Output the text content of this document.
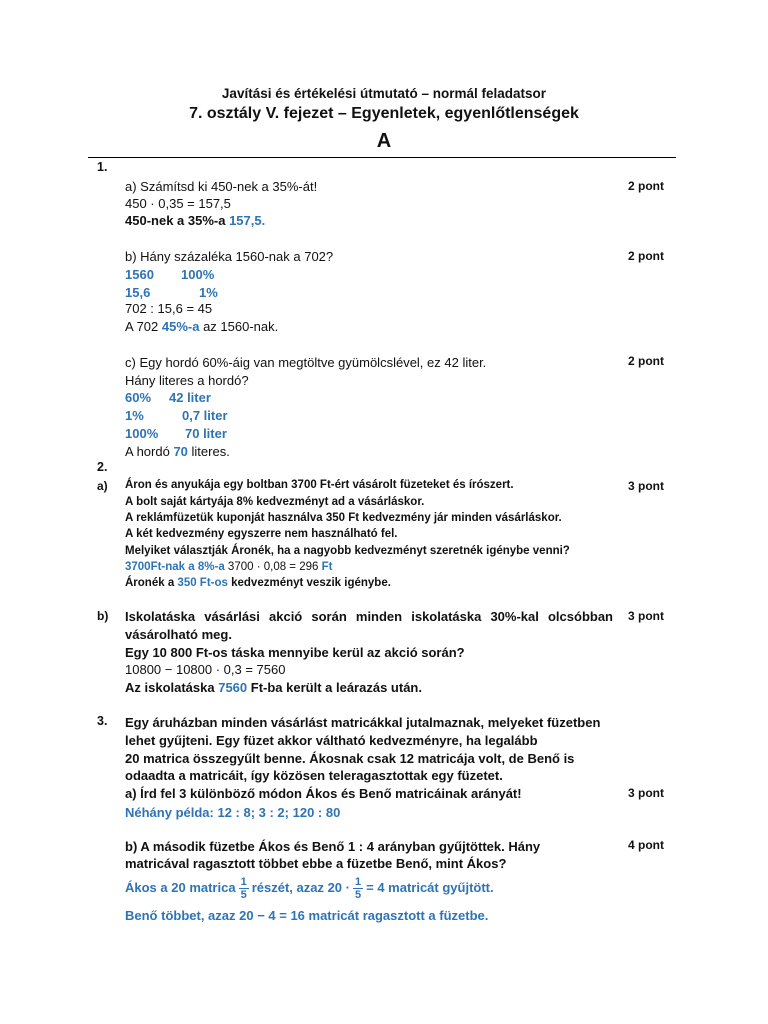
Javítási és értékelési útmutató – normál feladatsor
7. osztály V. fejezet – Egyenletek, egyenlőtlenségek
A
1.
a) Számítsd ki 450-nek a 35%-át!	2 pont
450 · 0,35 = 157,5
450-nek a 35%-a 157,5.
b) Hány százaléka 1560-nak a 702?	2 pont
1560 100%
15,6	1%
702 : 15,6 = 45
A 702 45%-a az 1560-nak.
c) Egy hordó 60%-áig van megtöltve gyümölcslével, ez 42 liter.	2 pont
Hány literes a hordó?
60% 42 liter
1%	0,7 liter
100% 70 liter
A hordó 70 literes.
2.
a)	3 pont
Áron és anyukája egy boltban 3700 Ft-ért vásárolt füzeteket és írószert.
A bolt saját kártyája 8% kedvezményt ad a vásárláskor.
A reklámfüzetük kuponját használva 350 Ft kedvezmény jár minden vásárláskor.
A két kedvezmény egyszerre nem használható fel.
Melyiket választják Áronék, ha a nagyobb kedvezményt szeretnék igénybe venni?
3700Ft-nak a 8%-a 3700 · 0,08 = 296 Ft
Áronék a 350 Ft-os kedvezményt veszik igénybe.
b)	3 pont
Iskolatáska vásárlási akció során minden iskolatáska 30%-kal olcsóbban
vásárolható meg.
Egy 10 800 Ft-os táska mennyibe kerül az akció során?
10800 − 10800 · 0,3 = 7560
Az iskolatáska 7560 Ft-ba került a leárazás után.
3. Egy áruházban minden vásárlást matricákkal jutalmaznak, melyeket füzetben
lehet gyűjteni. Egy füzet akkor váltható kedvezményre, ha legalább
20 matrica összegyűlt benne. Ákosnak csak 12 matricája volt, de Benő is
odaadta a matricáit, így közösen teleragasztottak egy füzetet.
a) Írd fel 3 különböző módon Ákos és Benő matricáinak arányát!	3 pont
Néhány példa: 12 : 8; 3 : 2; 120 : 80
b) A második füzetbe Ákos és Benő 1 : 4 arányban gyűjtöttek. Hány	4 pont
matricával ragasztott többet ebbe a füzetbe Benő, mint Ákos?
Ákos a 20 matrica $\frac{1}{5}$ részét, azaz $20 \cdot \frac{1}{5} = 4$ matricát gyűjtött.
Benő többet, azaz 20 − 4 = 16 matricát ragasztott a füzetbe.
